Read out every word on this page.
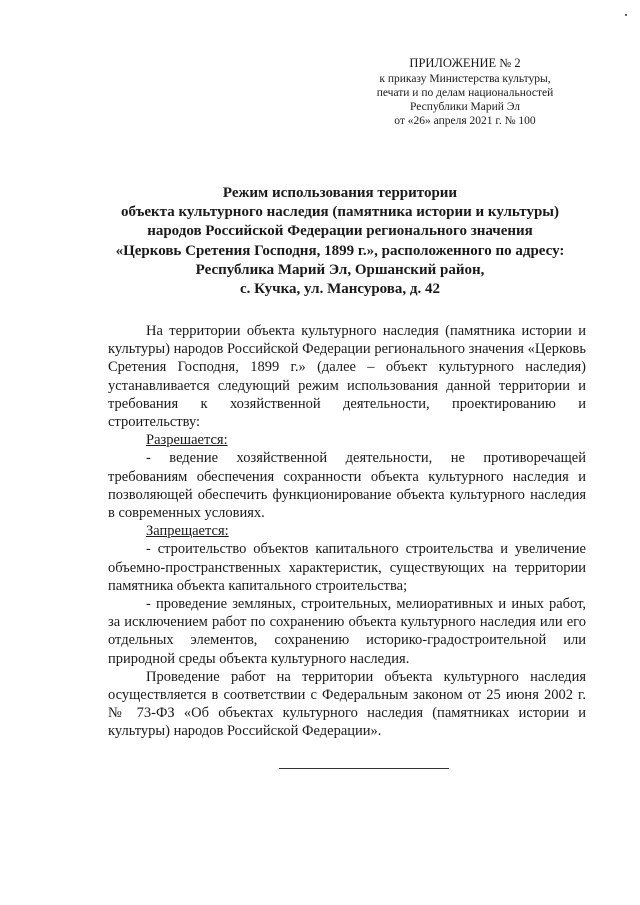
ПРИЛОЖЕНИЕ № 2
к приказу Министерства культуры,
печати и по делам национальностей
Республики Марий Эл
от «26» апреля 2021 г. № 100
Режим использования территории
объекта культурного наследия (памятника истории и культуры)
народов Российской Федерации регионального значения
«Церковь Сретения Господня, 1899 г.», расположенного по адресу:
Республика Марий Эл, Оршанский район,
с. Кучка, ул. Мансурова, д. 42

На территории объекта культурного наследия (памятника истории и культуры) народов Российской Федерации регионального значения «Церковь Сретения Господня, 1899 г.» (далее – объект культурного наследия) устанавливается следующий режим использования данной территории и требования к хозяйственной деятельности, проектированию и строительству:

Разрешается:

- ведение хозяйственной деятельности, не противоречащей требованиям обеспечения сохранности объекта культурного наследия и позволяющей обеспечить функционирование объекта культурного наследия в современных условиях.

Запрещается:

- строительство объектов капитального строительства и увеличение объемно-пространственных характеристик, существующих на территории памятника объекта капитального строительства;

- проведение земляных, строительных, мелиоративных и иных работ, за исключением работ по сохранению объекта культурного наследия или его отдельных элементов, сохранению историко-градостроительной или природной среды объекта культурного наследия.

Проведение работ на территории объекта культурного наследия осуществляется в соответствии с Федеральным законом от 25 июня 2002 г. № 73-ФЗ «Об объектах культурного наследия (памятниках истории и культуры) народов Российской Федерации».
